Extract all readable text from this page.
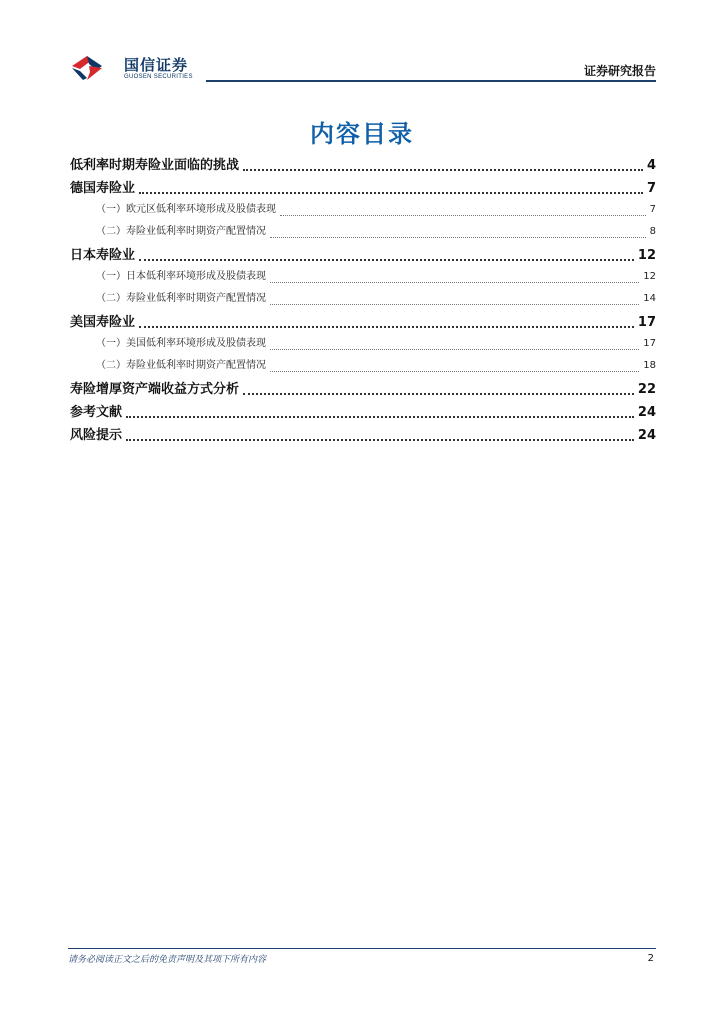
国信证券
GUOSEN SECURITIES	证券研究报告
内容目录
低利率时期寿险业面临的挑战	4
德国寿险业	7
（一）欧元区低利率环境形成及股债表现	7
（二）寿险业低利率时期资产配置情况	8
日本寿险业	12
（一）日本低利率环境形成及股债表现	12
（二）寿险业低利率时期资产配置情况	14
美国寿险业	17
（一）美国低利率环境形成及股债表现	17
（二）寿险业低利率时期资产配置情况	18
寿险增厚资产端收益方式分析	22
参考文献	24
风险提示	24
请务必阅读正文之后的免责声明及其项下所有内容	2
